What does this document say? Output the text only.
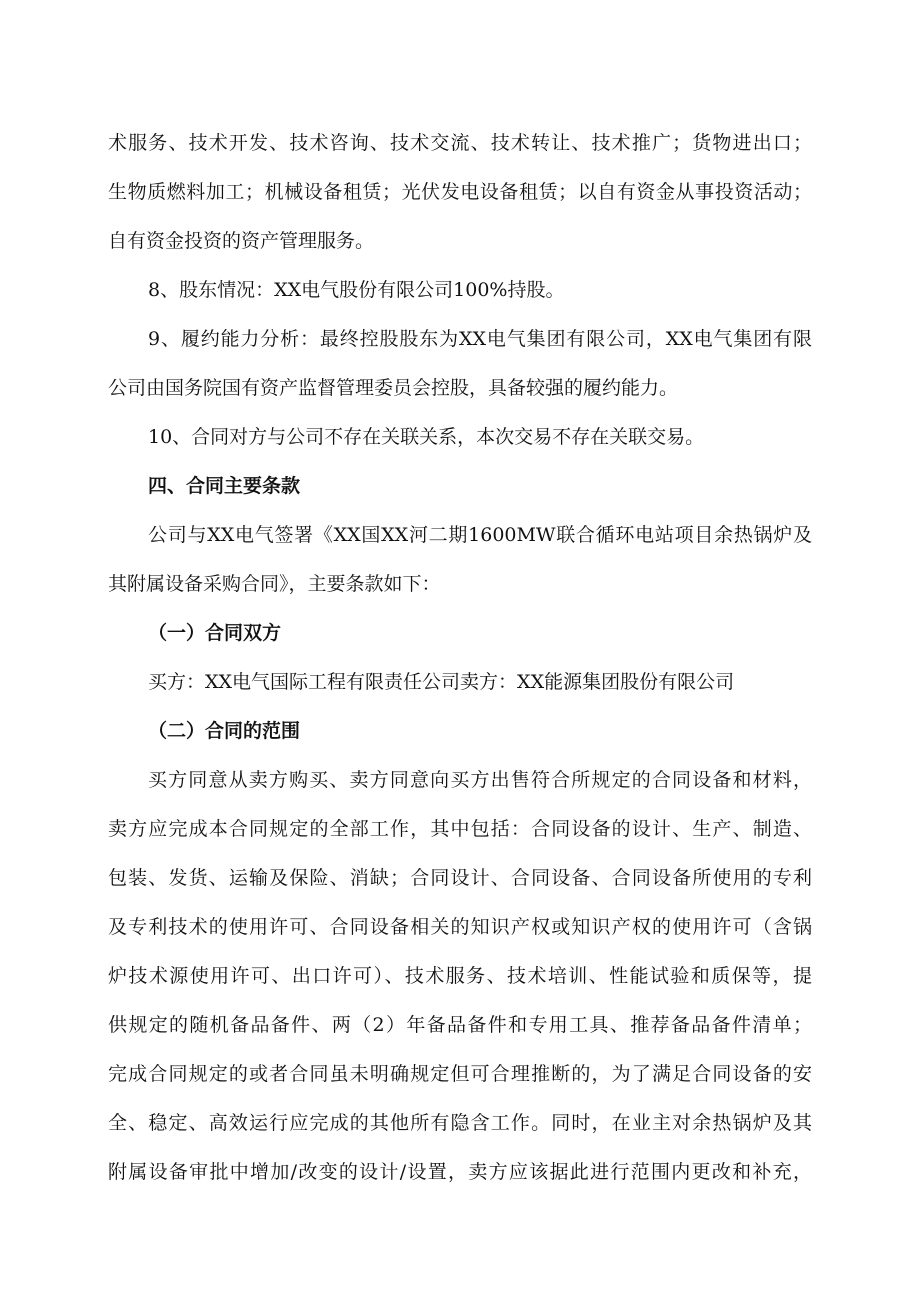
术服务、技术开发、技术咨询、技术交流、技术转让、技术推广；货物进出口；
生物质燃料加工；机械设备租赁；光伏发电设备租赁；以自有资金从事投资活动；
自有资金投资的资产管理服务。
8、股东情况：XX电气股份有限公司100%持股。
9、履约能力分析：最终控股股东为XX电气集团有限公司，XX电气集团有限
公司由国务院国有资产监督管理委员会控股，具备较强的履约能力。
10、合同对方与公司不存在关联关系，本次交易不存在关联交易。
四、合同主要条款
公司与XX电气签署《XX国XX河二期1600MW联合循环电站项目余热锅炉及
其附属设备采购合同》，主要条款如下：
（一）合同双方
买方：XX电气国际工程有限责任公司卖方：XX能源集团股份有限公司
（二）合同的范围
买方同意从卖方购买、卖方同意向买方出售符合所规定的合同设备和材料，
卖方应完成本合同规定的全部工作，其中包括：合同设备的设计、生产、制造、
包装、发货、运输及保险、消缺；合同设计、合同设备、合同设备所使用的专利
及专利技术的使用许可、合同设备相关的知识产权或知识产权的使用许可（含锅
炉技术源使用许可、出口许可）、技术服务、技术培训、性能试验和质保等，提
供规定的随机备品备件、两（2）年备品备件和专用工具、推荐备品备件清单；
完成合同规定的或者合同虽未明确规定但可合理推断的，为了满足合同设备的安
全、稳定、高效运行应完成的其他所有隐含工作。同时，在业主对余热锅炉及其
附属设备审批中增加/改变的设计/设置，卖方应该据此进行范围内更改和补充，
